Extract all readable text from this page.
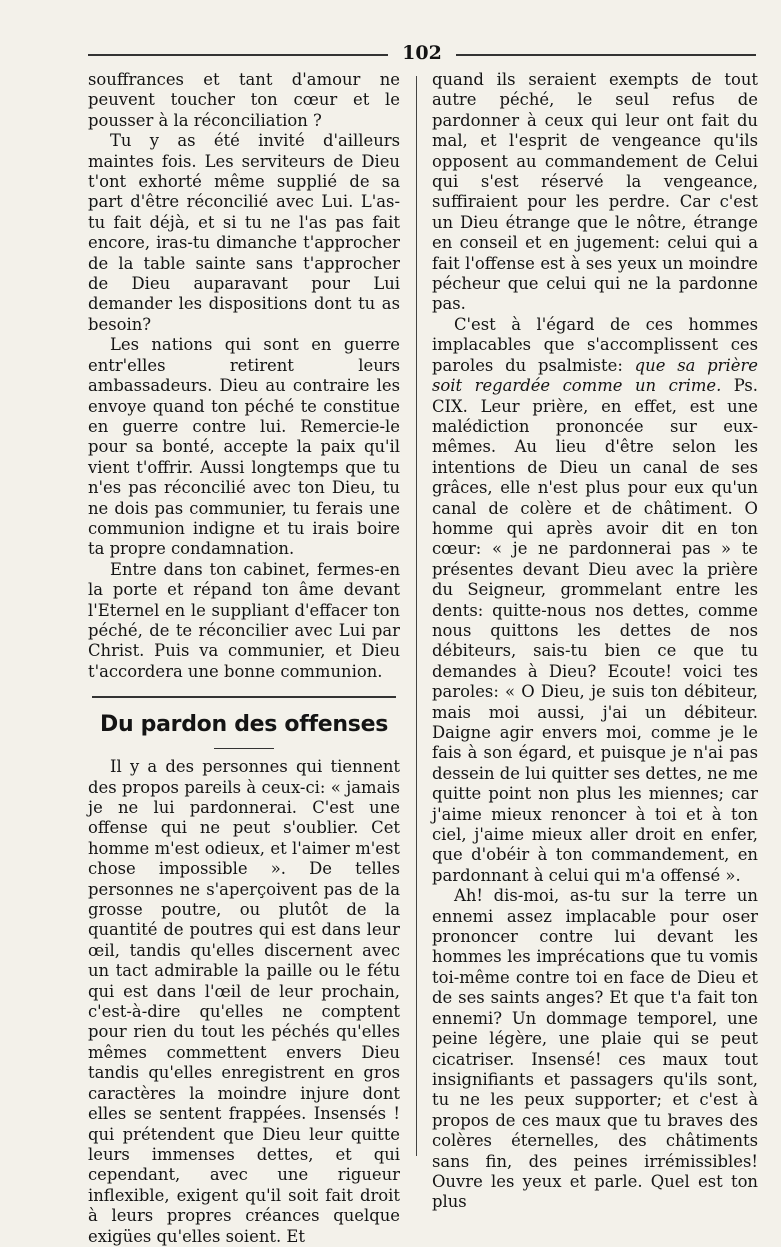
102

souffrances et tant d'amour ne peuvent toucher ton cœur et le pousser à la réconciliation ?

Tu y as été invité d'ailleurs maintes fois. Les serviteurs de Dieu t'ont exhorté même supplié de sa part d'être réconcilié avec Lui. L'as-tu fait déjà, et si tu ne l'as pas fait encore, iras-tu dimanche t'approcher de la table sainte sans t'approcher de Dieu auparavant pour Lui demander les dispositions dont tu as besoin?

Les nations qui sont en guerre entr'elles retirent leurs ambassadeurs. Dieu au contraire les envoye quand ton péché te constitue en guerre contre lui. Remercie-le pour sa bonté, accepte la paix qu'il vient t'offrir. Aussi longtemps que tu n'es pas réconcilié avec ton Dieu, tu ne dois pas communier, tu ferais une communion indigne et tu irais boire ta propre condamnation.

Entre dans ton cabinet, fermes-en la porte et répand ton âme devant l'Eternel en le suppliant d'effacer ton péché, de te réconcilier avec Lui par Christ. Puis va communier, et Dieu t'accordera une bonne communion.

Du pardon des offenses

Il y a des personnes qui tiennent des propos pareils à ceux-ci: « jamais je ne lui pardonnerai. C'est une offense qui ne peut s'oublier. Cet homme m'est odieux, et l'aimer m'est chose impossible ». De telles personnes ne s'aperçoivent pas de la grosse poutre, ou plutôt de la quantité de poutres qui est dans leur œil, tandis qu'elles discernent avec un tact admirable la paille ou le fétu qui est dans l'œil de leur prochain, c'est-à-dire qu'elles ne comptent pour rien du tout les péchés qu'elles mêmes commettent envers Dieu tandis qu'elles enregistrent en gros caractères la moindre injure dont elles se sentent frappées. Insensés ! qui prétendent que Dieu leur quitte leurs immenses dettes, et qui cependant, avec une rigueur inflexible, exigent qu'il soit fait droit à leurs propres créances quelque exigües qu'elles soient. Et

quand ils seraient exempts de tout autre péché, le seul refus de pardonner à ceux qui leur ont fait du mal, et l'esprit de vengeance qu'ils opposent au commandement de Celui qui s'est réservé la vengeance, suffiraient pour les perdre. Car c'est un Dieu étrange que le nôtre, étrange en conseil et en jugement: celui qui a fait l'offense est à ses yeux un moindre pécheur que celui qui ne la pardonne pas.

C'est à l'égard de ces hommes implacables que s'accomplissent ces paroles du psalmiste: que sa prière soit regardée comme un crime. Ps. CIX. Leur prière, en effet, est une malédiction prononcée sur eux-mêmes. Au lieu d'être selon les intentions de Dieu un canal de ses grâces, elle n'est plus pour eux qu'un canal de colère et de châtiment. O homme qui après avoir dit en ton cœur: « je ne pardonnerai pas » te présentes devant Dieu avec la prière du Seigneur, grommelant entre les dents: quitte-nous nos dettes, comme nous quittons les dettes de nos débiteurs, sais-tu bien ce que tu demandes à Dieu? Ecoute! voici tes paroles: « O Dieu, je suis ton débiteur, mais moi aussi, j'ai un débiteur. Daigne agir envers moi, comme je le fais à son égard, et puisque je n'ai pas dessein de lui quitter ses dettes, ne me quitte point non plus les miennes; car j'aime mieux renoncer à toi et à ton ciel, j'aime mieux aller droit en enfer, que d'obéir à ton commandement, en pardonnant à celui qui m'a offensé ».

Ah! dis-moi, as-tu sur la terre un ennemi assez implacable pour oser prononcer contre lui devant les hommes les imprécations que tu vomis toi-même contre toi en face de Dieu et de ses saints anges? Et que t'a fait ton ennemi? Un dommage temporel, une peine légère, une plaie qui se peut cicatriser. Insensé! ces maux tout insignifiants et passagers qu'ils sont, tu ne les peux supporter; et c'est à propos de ces maux que tu braves des colères éternelles, des châtiments sans fin, des peines irrémissibles! Ouvre les yeux et parle. Quel est ton plus
